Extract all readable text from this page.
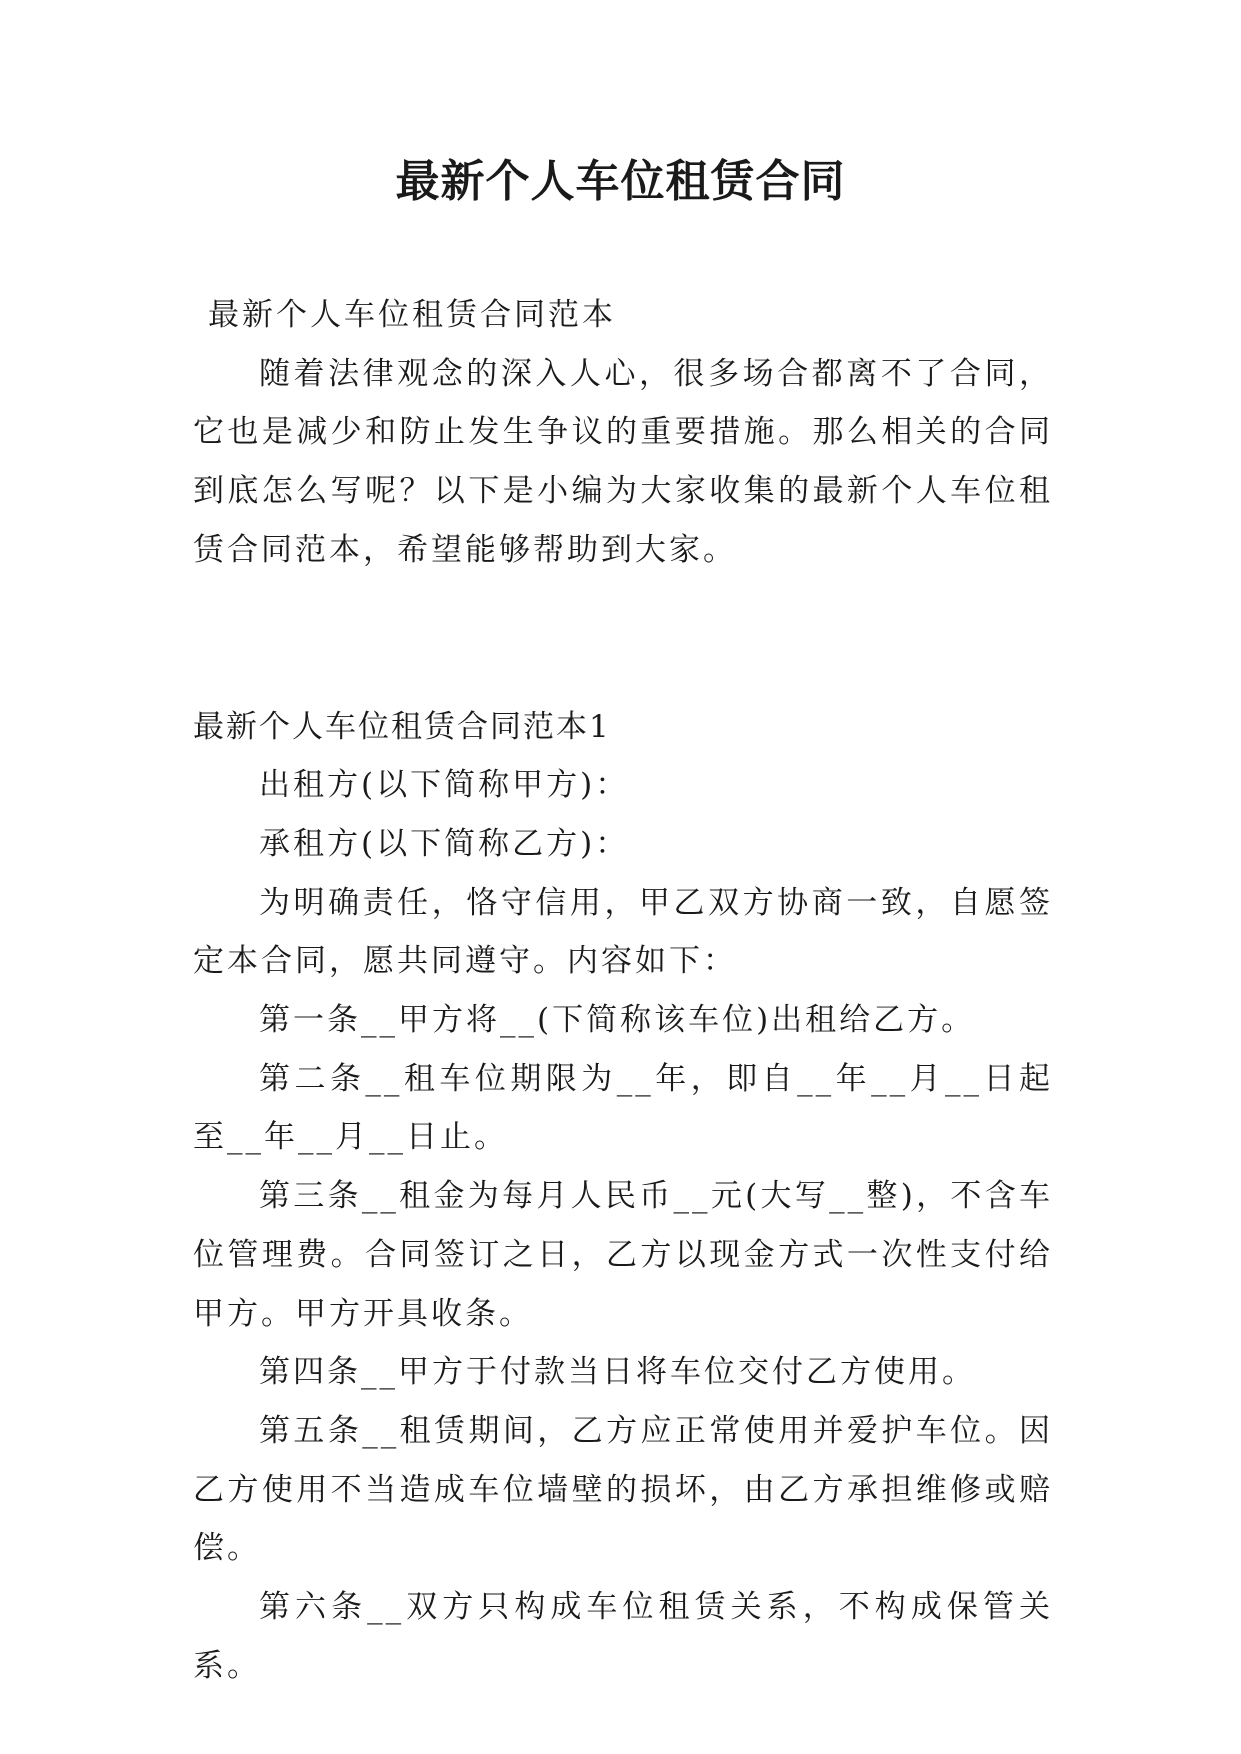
最新个人车位租赁合同

最新个人车位租赁合同范本

随着法律观念的深入人心，很多场合都离不了合同，它也是减少和防止发生争议的重要措施。那么相关的合同到底怎么写呢？以下是小编为大家收集的最新个人车位租赁合同范本，希望能够帮助到大家。

最新个人车位租赁合同范本1

出租方(以下简称甲方)：

承租方(以下简称乙方)：

为明确责任，恪守信用，甲乙双方协商一致，自愿签定本合同，愿共同遵守。内容如下：

第一条__甲方将__(下简称该车位)出租给乙方。

第二条__租车位期限为__年，即自__年__月__日起至__年__月__日止。

第三条__租金为每月人民币__元(大写__整)，不含车位管理费。合同签订之日，乙方以现金方式一次性支付给甲方。甲方开具收条。

第四条__甲方于付款当日将车位交付乙方使用。

第五条__租赁期间，乙方应正常使用并爱护车位。因乙方使用不当造成车位墙壁的损坏，由乙方承担维修或赔偿。

第六条__双方只构成车位租赁关系，不构成保管关系。
